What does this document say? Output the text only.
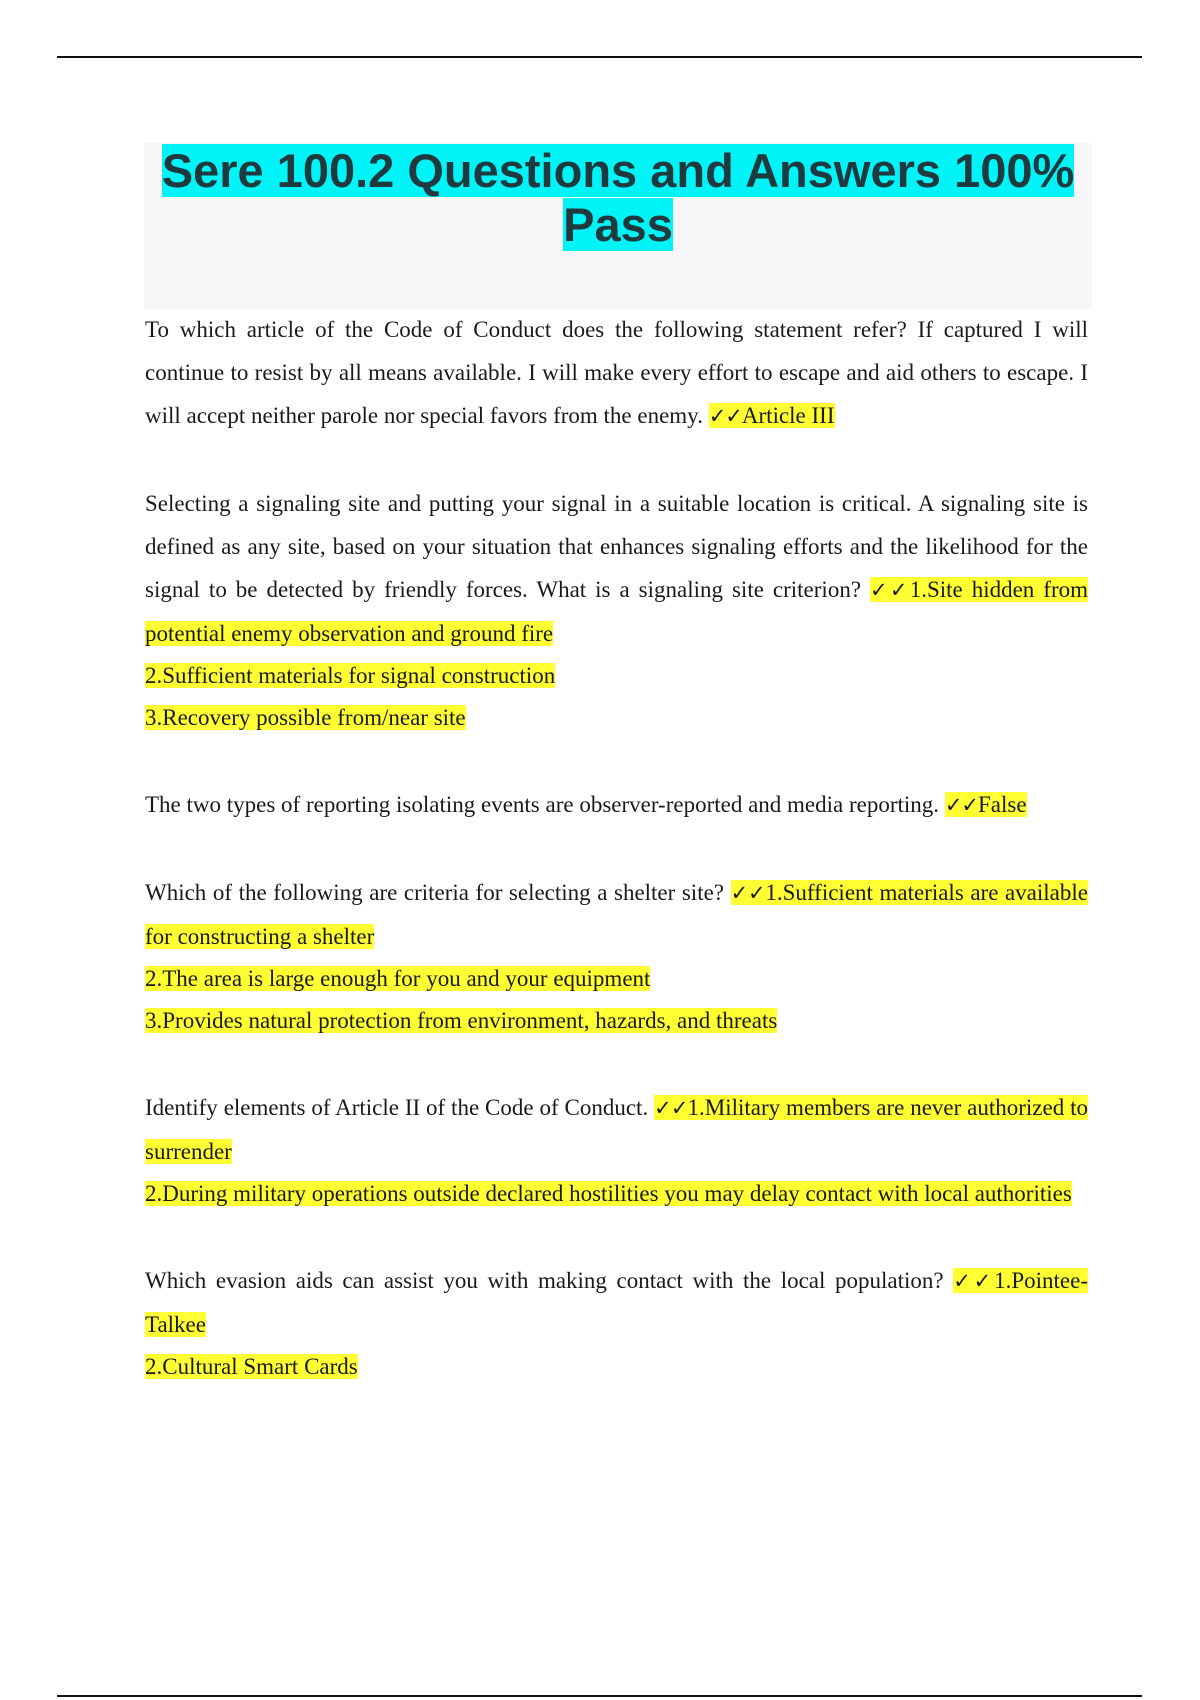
Sere 100.2 Questions and Answers 100%
Pass

To which article of the Code of Conduct does the following statement refer? If captured I will continue to resist by all means available. I will make every effort to escape and aid others to escape. I will accept neither parole nor special favors from the enemy. ✓✓Article III

Selecting a signaling site and putting your signal in a suitable location is critical. A signaling site is defined as any site, based on your situation that enhances signaling efforts and the likelihood for the signal to be detected by friendly forces. What is a signaling site criterion? ✓✓1.Site hidden from potential enemy observation and ground fire

2.Sufficient materials for signal construction

3.Recovery possible from/near site

The two types of reporting isolating events are observer-reported and media reporting. ✓✓False

Which of the following are criteria for selecting a shelter site? ✓✓1.Sufficient materials are available for constructing a shelter

2.The area is large enough for you and your equipment

3.Provides natural protection from environment, hazards, and threats

Identify elements of Article II of the Code of Conduct. ✓✓1.Military members are never authorized to surrender

2.During military operations outside declared hostilities you may delay contact with local authorities

Which evasion aids can assist you with making contact with the local population? ✓✓1.Pointee-Talkee

2.Cultural Smart Cards
